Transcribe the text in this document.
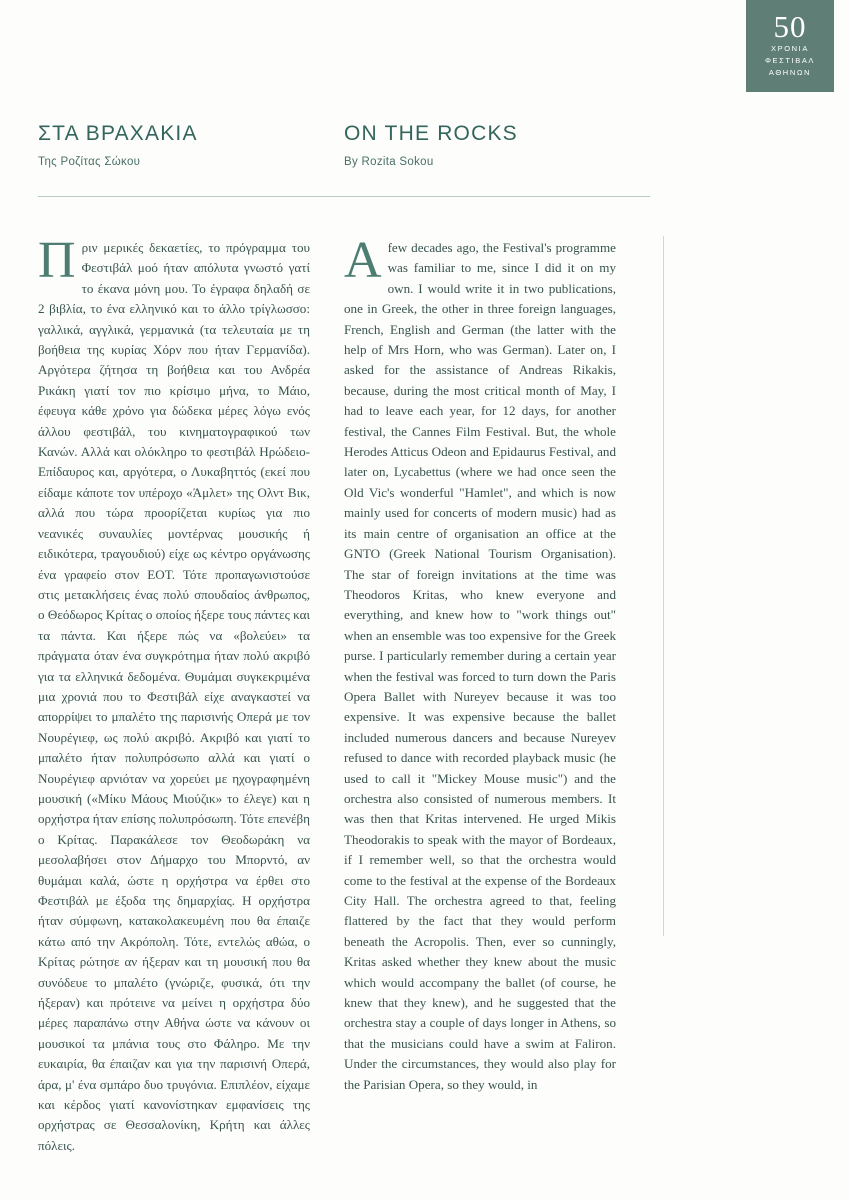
50
ΧΡΟΝΙΑ
ΦΕΣΤΙΒΑΛ
ΑΘΗΝΩΝ
ΣΤΑ ΒΡΑΧΑΚΙΑ

Της Ροζίτας Σώκου

ON THE ROCKS

By Rozita Sokou

Π ριν μερικές δεκαετίες, το πρόγραμμα του Φεστιβάλ μοό ήταν απόλυτα γνωστό γατί το έκανα μόνη μου. Το έγραφα δηλαδή σε 2 βιβλία, το ένα ελληνικό και το άλλο τρίγλωσσο: γαλλικά, αγγλικά, γερμανικά (τα τελευταία με τη βοήθεια της κυρίας Χόρν που ήταν Γερμανίδα). Αργότερα ζήτησα τη βοήθεια και του Ανδρέα Ρικάκη γιατί τον πιο κρίσιμο μήνα, το Μάιο, έφευγα κάθε χρόνο για δώδεκα μέρες λόγω ενός άλλου φεστιβάλ, του κινηματογραφικού των Κανών. Αλλά και ολόκληρο το φεστιβάλ Ηρώδειο-Επίδαυρος και, αργότερα, ο Λυκαβηττός (εκεί που είδαμε κάποτε τον υπέροχο «Άμλετ» της Ολντ Βικ, αλλά που τώρα προορίζεται κυρίως για πιο νεανικές συναυλίες μοντέρνας μουσικής ή ειδικότερα, τραγουδιού) είχε ως κέντρο οργάνωσης ένα γραφείο στον ΕΟΤ. Τότε προπαγωνιστούσε στις μετακλήσεις ένας πολύ σπουδαίος άνθρωπος, ο Θεόδωρος Κρίτας ο οποίος ήξερε τους πάντες και τα πάντα. Και ήξερε πώς να «βολεύει» τα πράγματα όταν ένα συγκρότημα ήταν πολύ ακριβό για τα ελληνικά δεδομένα. Θυμάμαι συγκεκριμένα μια χρονιά που το Φεστιβάλ είχε αναγκαστεί να απορρίψει το μπαλέτο της παρισινής Οπερά με τον Νουρέγιεφ, ως πολύ ακριβό. Ακριβό και γιατί το μπαλέτο ήταν πολυπρόσωπο αλλά και γιατί ο Νουρέγιεφ αρνιόταν να χορεύει με ηχογραφημένη μουσική («Μίκυ Μάους Μιούζικ» το έλεγε) και η ορχήστρα ήταν επίσης πολυπρόσωπη. Τότε επενέβη ο Κρίτας. Παρακάλεσε τον Θεοδωράκη να μεσολαβήσει στον Δήμαρχο του Μπορντό, αν θυμάμαι καλά, ώστε η ορχήστρα να έρθει στο Φεστιβάλ με έξοδα της δημαρχίας. Η ορχήστρα ήταν σύμφωνη, κατακολακευμένη που θα έπαιζε κάτω από την Ακρόπολη. Τότε, εντελώς αθώα, ο Κρίτας ρώτησε αν ήξεραν και τη μουσική που θα συνόδευε το μπαλέτο (γνώριζε, φυσικά, ότι την ήξεραν) και πρότεινε να μείνει η ορχήστρα δύο μέρες παραπάνω στην Αθήνα ώστε να κάνουν οι μουσικοί τα μπάνια τους στο Φάληρο. Με την ευκαιρία, θα έπαιζαν και για την παρισινή Οπερά, άρα, μ' ένα σμπάρο δυο τρυγόνια. Επιπλέον, είχαμε και κέρδος γιατί κανονίστηκαν εμφανίσεις της ορχήστρας σε Θεσσαλονίκη, Κρήτη και άλλες πόλεις.

A few decades ago, the Festival's programme was familiar to me, since I did it on my own. I would write it in two publications, one in Greek, the other in three foreign languages, French, English and German (the latter with the help of Mrs Horn, who was German). Later on, I asked for the assistance of Andreas Rikakis, because, during the most critical month of May, I had to leave each year, for 12 days, for another festival, the Cannes Film Festival. But, the whole Herodes Atticus Odeon and Epidaurus Festival, and later on, Lycabettus (where we had once seen the Old Vic's wonderful "Hamlet", and which is now mainly used for concerts of modern music) had as its main centre of organisation an office at the GNTO (Greek National Tourism Organisation). The star of foreign invitations at the time was Theodoros Kritas, who knew everyone and everything, and knew how to "work things out" when an ensemble was too expensive for the Greek purse. I particularly remember during a certain year when the festival was forced to turn down the Paris Opera Ballet with Nureyev because it was too expensive. It was expensive because the ballet included numerous dancers and because Nureyev refused to dance with recorded playback music (he used to call it "Mickey Mouse music") and the orchestra also consisted of numerous members. It was then that Kritas intervened. He urged Mikis Theodorakis to speak with the mayor of Bordeaux, if I remember well, so that the orchestra would come to the festival at the expense of the Bordeaux City Hall. The orchestra agreed to that, feeling flattered by the fact that they would perform beneath the Acropolis. Then, ever so cunningly, Kritas asked whether they knew about the music which would accompany the ballet (of course, he knew that they knew), and he suggested that the orchestra stay a couple of days longer in Athens, so that the musicians could have a swim at Faliron. Under the circumstances, they would also play for the Parisian Opera, so they would, in
